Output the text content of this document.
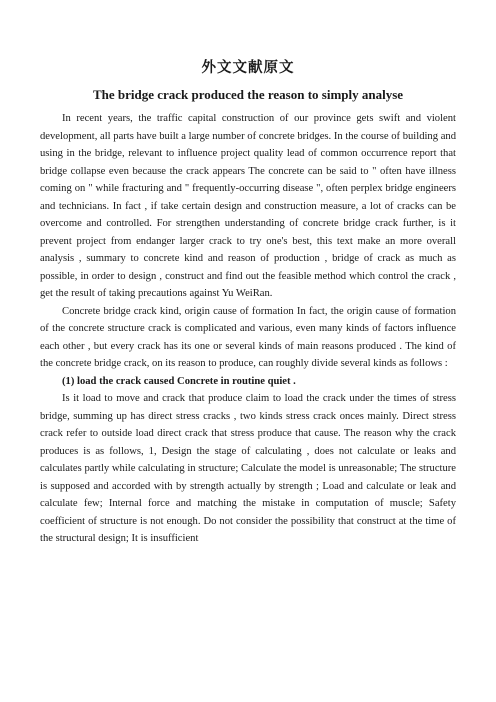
外文文献原文
The bridge crack produced the reason to simply analyse

In recent years, the traffic capital construction of our province gets swift and violent development, all parts have built a large number of concrete bridges. In the course of building and using in the bridge, relevant to influence project quality lead of common occurrence report that bridge collapse even because the crack appears The concrete can be said to " often have illness coming on " while fracturing and " frequently-occurring disease ", often perplex bridge engineers and technicians. In fact , if take certain design and construction measure, a lot of cracks can be overcome and controlled. For strengthen understanding of concrete bridge crack further, is it prevent project from endanger larger crack to try one's best, this text make an more overall analysis , summary to concrete kind and reason of production , bridge of crack as much as possible, in order to design , construct and find out the feasible method which control the crack , get the result of taking precautions against Yu WeiRan.

Concrete bridge crack kind, origin cause of formation In fact, the origin cause of formation of the concrete structure crack is complicated and various, even many kinds of factors influence each other , but every crack has its one or several kinds of main reasons produced . The kind of the concrete bridge crack, on its reason to produce, can roughly divide several kinds as follows :

(1) load the crack caused Concrete in routine quiet .

Is it load to move and crack that produce claim to load the crack under the times of stress bridge, summing up has direct stress cracks , two kinds stress crack onces mainly. Direct stress crack refer to outside load direct crack that stress produce that cause. The reason why the crack produces is as follows, 1, Design the stage of calculating , does not calculate or leaks and calculates partly while calculating in structure; Calculate the model is unreasonable; The structure is supposed and accorded with by strength actually by strength ; Load and calculate or leak and calculate few; Internal force and matching the mistake in computation of muscle; Safety coefficient of structure is not enough. Do not consider the possibility that construct at the time of the structural design; It is insufficient
